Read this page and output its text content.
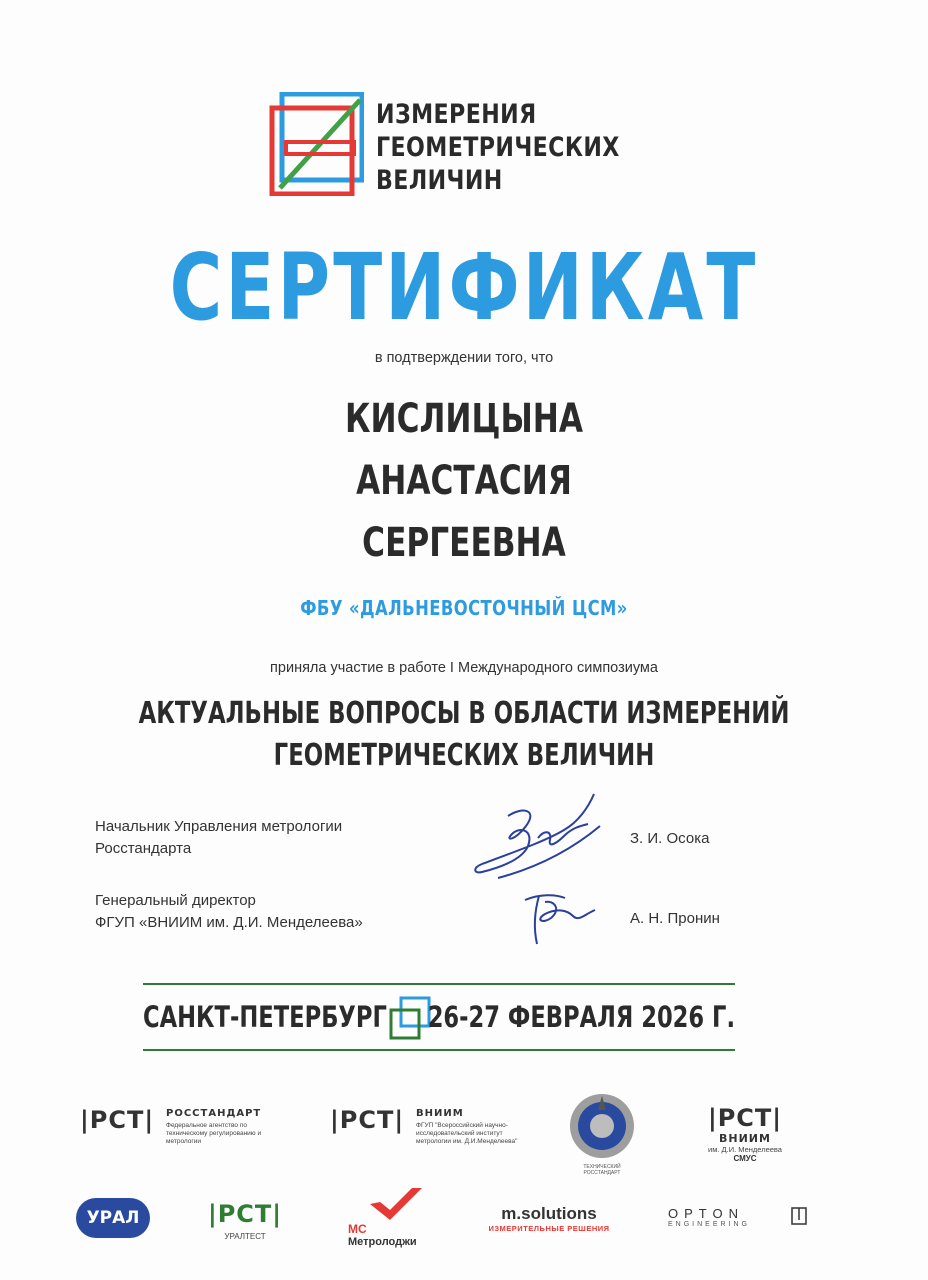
ИЗМЕРЕНИЯ
ГЕОМЕТРИЧЕСКИХ
ВЕЛИЧИН
СЕРТИФИКАТ
в подтверждении того, что
КИСЛИЦЫНА
АНАСТАСИЯ
СЕРГЕЕВНА
ФБУ «ДАЛЬНЕВОСТОЧНЫЙ ЦСМ»
приняла участие в работе I Международного симпозиума
АКТУАЛЬНЫЕ ВОПРОСЫ В ОБЛАСТИ ИЗМЕРЕНИЙ
ГЕОМЕТРИЧЕСКИХ ВЕЛИЧИН
Начальник Управления метрологии
Росстандарта
З. И. Осока
Генеральный директор
ФГУП «ВНИИМ им. Д.И. Менделеева»	А. Н. Пронин
САНКТ-ПЕТЕРБУРГ 26-27 ФЕВРАЛЯ 2026 Г.
|РСТ| РОССТАНДАРТ
Федеральное агентство по техническому регулированию и метрологии
|РСТ| ВНИИМ
ФГУП "Всероссийский научно-исследовательский институт метрологии им. Д.И.Менделеева"
ТЕХНИЧЕСКИЙ РОССТАНДАРТ
|РСТ|
ВНИИМ
им. Д.И. Менделеева
СМУС
УРАЛ	|РСТ|
УРАЛТЕСТ
МС
Метролоджи
m.solutions
ИЗМЕРИТЕЛЬНЫЕ РЕШЕНИЯ
OPTON
ENGINEERING
